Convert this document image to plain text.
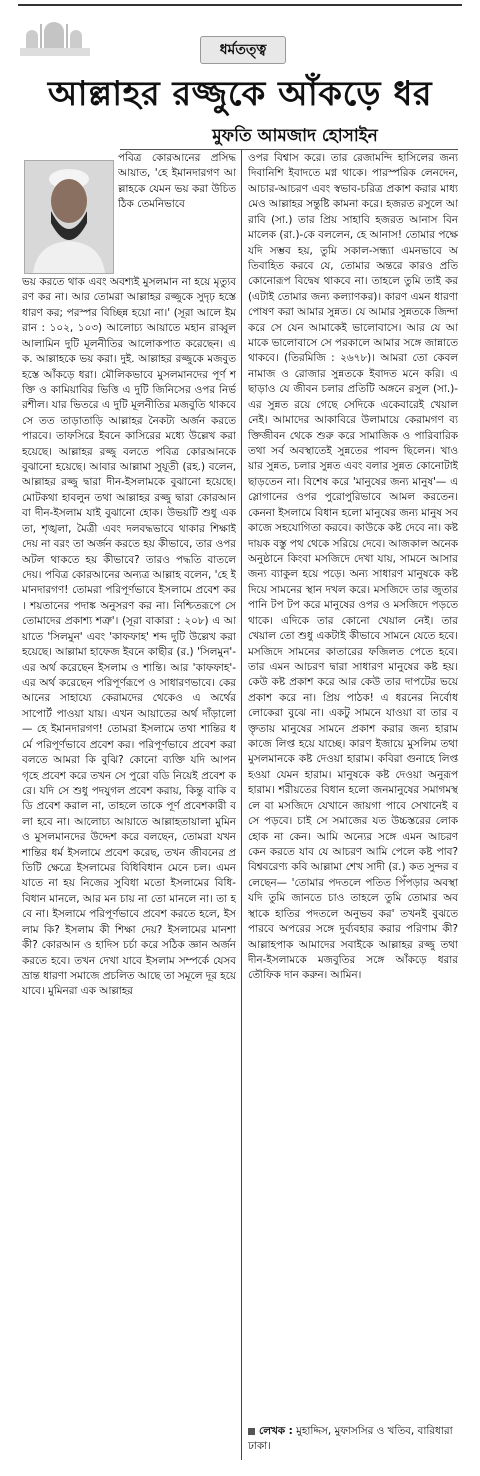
ধর্মতত্ত্ব
আল্লাহর রজ্জুকে আঁকড়ে ধর
মুফতি আমজাদ হোসাইন
পবিত্র কোরআনের প্রসিদ্ধ আয়াত, 'হে ইমানদারগণ আল্লাহকে যেমন ভয় করা উচিত ঠিক তেমনিভাবে
ভয় করতে থাক এবং অবশ্যই মুসলমান না হয়ে মৃত্যুবরণ কর না। আর তোমরা আল্লাহর রজ্জুকে সুদৃঢ় হস্তে ধারণ কর; পরস্পর বিচ্ছিন্ন হয়ো না।' (সূরা আলে ইমরান : ১০২, ১০৩) আলোচ্য আয়াতে মহান রাব্বুল আলামিন দুটি মূলনীতির আলোকপাত করেছেন। এক. আল্লাহকে ভয় করা। দুই. আল্লাহর রজ্জুকে মজবুত হস্তে আঁকড়ে ধরা। মৌলিকভাবে মুসলমানদের পূর্ণ শক্তি ও কামিয়াবির ভিত্তি এ দুটি জিনিসের ওপর নির্ভরশীল। যার ভিতরে এ দুটি মূলনীতির মজবুতি থাকবে সে তত তাড়াতাড়ি আল্লাহর নৈকট্য অর্জন করতে পারবে। তাফসিরে ইবনে কাসিরের মধ্যে উল্লেখ করা হয়েছে। আল্লাহর রজ্জু বলতে পবিত্র কোরআনকে বুঝানো হয়েছে। আবার আল্লামা সুয়ূতী (রহ.) বলেন, আল্লাহর রজ্জু দ্বারা দীন-ইসলামকে বুঝানো হয়েছে। মোটকথা হাবলুন তথা আল্লাহর রজ্জু দ্বারা কোরআন বা দীন-ইসলাম যাই বুঝানো হোক। উভয়টি শুধু একতা, শৃঙ্খলা, মৈত্রী এবং দলবদ্ধভাবে থাকার শিক্ষাই দেয় না বরং তা অর্জন করতে হয় কীভাবে, তার ওপর অটল থাকতে হয় কীভাবে? তারও পদ্ধতি বাতলে দেয়। পবিত্র কোরআনের অন্যত্র আল্লাহ বলেন, 'হে ইমানদারগণ! তোমরা পরিপূর্ণভাবে ইসলামে প্রবেশ কর। শয়তানের পদাঙ্ক অনুসরণ কর না। নিশ্চিতরূপে সে তোমাদের প্রকাশ্য শত্রু'। (সূরা বাকারা : ২০৮) এ আয়াতে 'সিলমুন' এবং 'কাফফাহ' শব্দ দুটি উল্লেখ করা হয়েছে। আল্লামা হাফেজ ইবনে কাছীর (র.) 'সিলমুন'-এর অর্থ করেছেন ইসলাম ও শান্তি। আর 'কাফফাহ'-এর অর্থ করেছেন পরিপূর্ণরূপে ও সাধারণভাবে। কেরআনের সাহায্যে কেরামদের থেকেও এ অর্থের সাপোর্ট পাওয়া যায়। এখন আয়াতের অর্থ দাঁড়ালো— হে ইমানদারগণ! তোমরা ইসলামে তথা শান্তির ধর্মে পরিপূর্ণভাবে প্রবেশ কর। পরিপূর্ণভাবে প্রবেশ করা বলতে আমরা কি বুঝি? কোনো ব্যক্তি যদি আপন গৃহে প্রবেশ করে তখন সে পুরো বডি নিয়েই প্রবেশ করে। যদি সে শুধু পদযুগল প্রবেশ করায়, কিন্তু বাকি বডি প্রবেশ করাল না, তাহলে তাকে পূর্ণ প্রবেশকারী বলা হবে না। আলোচ্য আয়াতে আল্লাহতায়ালা মুমিন ও মুসলমানদের উদ্দেশ করে বলছেন, তোমরা যখন শান্তির ধর্ম ইসলামে প্রবেশ করেছ, তখন জীবনের প্রতিটি ক্ষেত্রে ইসলামের বিধিবিধান মেনে চল। এমন যাতে না হয় নিজের সুবিধা মতো ইসলামের বিধি-বিধান মানলে, আর মন চায় না তো মানলে না। তা হবে না। ইসলামে পরিপূর্ণভাবে প্রবেশ করতে হলে, ইসলাম কি? ইসলাম কী শিক্ষা দেয়? ইসলামের মানশা কী? কোরআন ও হাদিস চর্চা করে সঠিক জ্ঞান অর্জন করতে হবে। তখন দেখা যাবে ইসলাম সম্পর্কে যেসব ভ্রান্ত ধারণা সমাজে প্রচলিত আছে তা সমূলে দূর হয়ে যাবে। মুমিনরা এক আল্লাহর
ওপর বিশ্বাস করে। তার রেজামন্দি হাসিলের জন্য দিবানিশি ইবাদতে মগ্ন থাকে। পারস্পরিক লেনদেন, আচার-আচরণ এবং স্বভাব-চরিত্র প্রকাশ করার মাধ্যমেও আল্লাহর সন্তুষ্টি কামনা করে। হজরত রসুলে আরাবি (সা.) তার প্রিয় সাহাবি হজরত আনাস বিন মালেক (রা.)-কে বললেন, হে আনাস! তোমার পক্ষে যদি সম্ভব হয়, তুমি সকাল-সন্ধ্যা এমনভাবে অতিবাহিত করবে যে, তোমার অন্তরে কারও প্রতি কোনোরূপ বিদ্বেষ থাকবে না। তাহলে তুমি তাই কর (এটাই তোমার জন্য কল্যাণকর)। কারণ এমন ধারণা পোষণ করা আমার সুন্নত। যে আমার সুন্নতকে জিন্দা করে সে যেন আমাকেই ভালোবাসে। আর যে আমাকে ভালোবাসে সে পরকালে আমার সঙ্গে জান্নাতে থাকবে। (তিরমিজি : ২৬৭৮)। আমরা তো কেবল নামাজ ও রোজার সুন্নতকে ইবাদত মনে করি। এ ছাড়াও যে জীবন চলার প্রতিটি অঙ্গনে রসুল (সা.)-এর সুন্নত রয়ে গেছে সেদিকে একেবারেই খেয়াল নেই। আমাদের আকাবিরে উলামায়ে কেরামগণ ব্যক্তিজীবন থেকে শুরু করে সামাজিক ও পারিবারিক তথা সর্ব অবস্থাতেই সুন্নতের পাবন্দ ছিলেন। খাওয়ার সুন্নত, চলার সুন্নত এবং বলার সুন্নত কোনোটাই ছাড়তেন না। বিশেষ করে 'মানুষের জন্য মানুষ'— এ স্লোগানের ওপর পুরোপুরিভাবে আমল করতেন। কেননা ইসলামে বিধান হলো মানুষের জন্য মানুষ সব কাজে সহযোগিতা করবে। কাউকে কষ্ট দেবে না। কষ্টদায়ক বস্তু পথ থেকে সরিয়ে দেবে। আজকাল অনেক অনুষ্ঠানে কিংবা মসজিদে দেখা যায়, সামনে আসার জন্য ব্যাকুল হয়ে পড়ে। অন্য সাধারণ মানুষকে কষ্ট দিয়ে সামনের স্থান দখল করে। মসজিদে তার জুতার পানি টপ টপ করে মানুষের ওপর ও মসজিদে পড়তে থাকে। এদিকে তার কোনো খেয়াল নেই। তার খেয়াল তো শুধু একটাই কীভাবে সামনে যেতে হবে। মসজিদে সামনের কাতারের ফজিলত পেতে হবে। তার এমন আচরণ দ্বারা সাধারণ মানুষের কষ্ট হয়। কেউ কষ্ট প্রকাশ করে আর কেউ তার দাপটের ভয়ে প্রকাশ করে না। প্রিয় পাঠক! এ ধরনের নির্বোধ লোকেরা বুঝে না। একটু সামনে যাওয়া বা তার বক্তৃতায় মানুষের সামনে প্রকাশ করার জন্য হারাম কাজে লিপ্ত হয়ে যাচ্ছে। কারণ ইজায়ে মুসলিম তথা মুসলমানকে কষ্ট দেওয়া হারাম। কবিরা গুনাহে লিপ্ত হওয়া যেমন হারাম। মানুষকে কষ্ট দেওয়া অনুরূপ হারাম। শরীয়তের বিধান হলো জনমানুষের সমাগমস্থলে বা মসজিদে যেখানে জায়গা পাবে সেখানেই বসে পড়বে। চাই সে সমাজের যত উচ্চস্তরের লোক হোক না কেন। আমি অন্যের সঙ্গে এমন আচরণ কেন করতে যাব যে আচরণ আমি পেলে কষ্ট পাব? বিশ্ববরেণ্য কবি আল্লামা শেখ সাদী (র.) কত সুন্দর বলেছেন— 'তোমার পদতলে পতিত পিঁপড়ার অবস্থা যদি তুমি জানতে চাও তাহলে তুমি তোমার অবস্থাকে হাতির পদতলে অনুভব কর' তখনই বুঝতে পারবে অপরের সঙ্গে দুর্ব্যবহার করার পরিণাম কী? আল্লাহপাক আমাদের সবাইকে আল্লাহর রজ্জু তথা দীন-ইসলামকে মজবুতির সঙ্গে আঁকড়ে ধরার তৌফিক দান করুন। আমিন।
লেখক : মুহাদ্দিস, মুফাসসির ও খতিব, বারিধারা ঢাকা।
